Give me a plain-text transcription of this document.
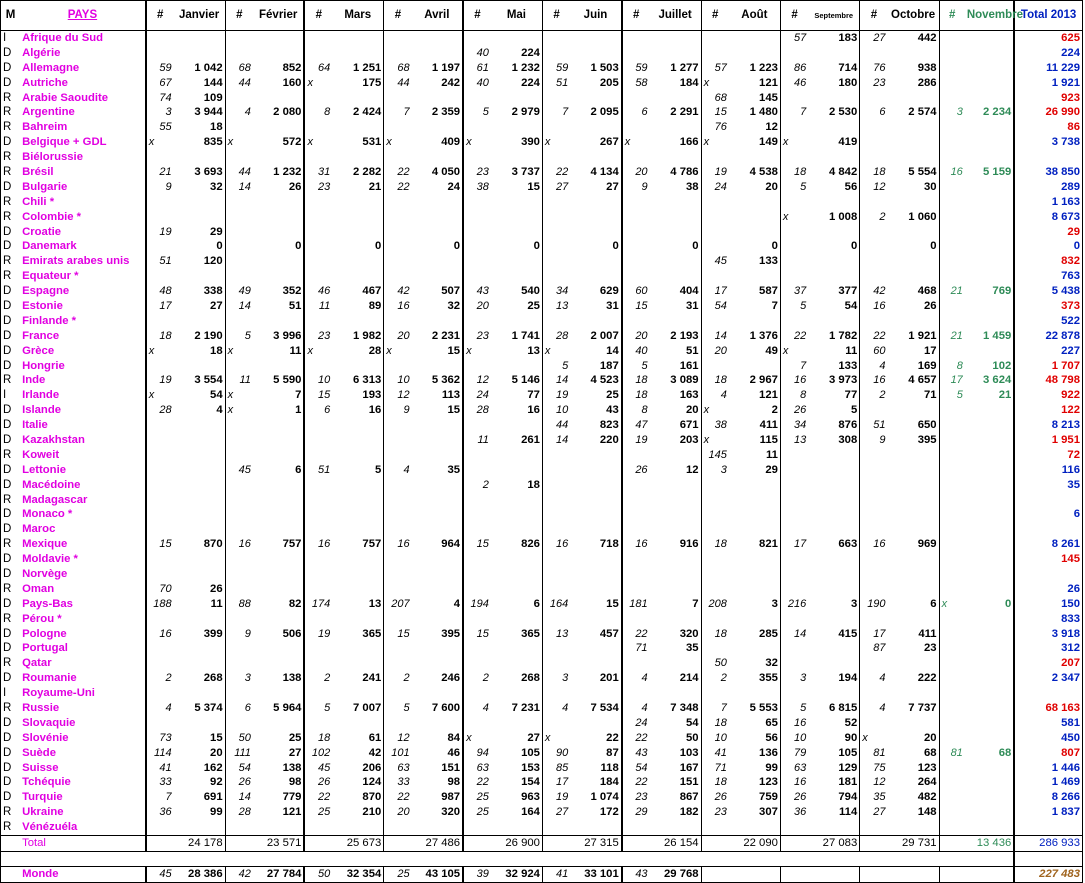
M	PAYS	#	Janvier	#	Février	#	Mars	#	Avril	#	Mai	#	Juin	#	Juillet	#	Août	#	Septembre	#	Octobre	#	Novembre	Total 2013
I	Afrique du Sud																	57	183	27	442			625
D	Algérie									40	224													224
D	Allemagne	59	1 042	68	852	64	1 251	68	1 197	61	1 232	59	1 503	59	1 277	57	1 223	86	714	76	938			11 229
D	Autriche	67	144	44	160	x	175	44	242	40	224	51	205	58	184	x	121	46	180	23	286			1 921
R	Arabie Saoudite	74	109													68	145							923
R	Argentine	3	3 944	4	2 080	8	2 424	7	2 359	5	2 979	7	2 095	6	2 291	15	1 480	7	2 530	6	2 574	3	2 234	26 990
R	Bahreim	55	18													76	12							86
D	Belgique + GDL	x	835	x	572	x	531	x	409	x	390	x	267	x	166	x	149	x	419					3 738
R	Biélorussie																							
R	Brésil	21	3 693	44	1 232	31	2 282	22	4 050	23	3 737	22	4 134	20	4 786	19	4 538	18	4 842	18	5 554	16	5 159	38 850
D	Bulgarie	9	32	14	26	23	21	22	24	38	15	27	27	9	38	24	20	5	56	12	30			289
R	Chili *																							1 163
R	Colombie *																	x	1 008	2	1 060			8 673
D	Croatie	19	29																					29
D	Danemark		0		0		0		0		0		0		0		0		0		0			0
R	Emirats arabes unis	51	120													45	133							832
R	Equateur *																							763
D	Espagne	48	338	49	352	46	467	42	507	43	540	34	629	60	404	17	587	37	377	42	468	21	769	5 438
D	Estonie	17	27	14	51	11	89	16	32	20	25	13	31	15	31	54	7	5	54	16	26			373
D	Finlande *																							522
D	France	18	2 190	5	3 996	23	1 982	20	2 231	23	1 741	28	2 007	20	2 193	14	1 376	22	1 782	22	1 921	21	1 459	22 878
D	Grèce	x	18	x	11	x	28	x	15	x	13	x	14	40	51	20	49	x	11	60	17			227
D	Hongrie											5	187	5	161			7	133	4	169	8	102	1 707
R	Inde	19	3 554	11	5 590	10	6 313	10	5 362	12	5 146	14	4 523	18	3 089	18	2 967	16	3 973	16	4 657	17	3 624	48 798
I	Irlande	x	54	x	7	15	193	12	113	24	77	19	25	18	163	4	121	8	77	2	71	5	21	922
D	Islande	28	4	x	1	6	16	9	15	28	16	10	43	8	20	x	2	26	5					122
D	Italie											44	823	47	671	38	411	34	876	51	650			8 213
D	Kazakhstan									11	261	14	220	19	203	x	115	13	308	9	395			1 951
R	Koweit															145	11							72
D	Lettonie			45	6	51	5	4	35					26	12	3	29							116
D	Macédoine									2	18													35
R	Madagascar																							
D	Monaco *																							6
D	Maroc																							
R	Mexique	15	870	16	757	16	757	16	964	15	826	16	718	16	916	18	821	17	663	16	969			8 261
D	Moldavie *																							145
D	Norvège																							
R	Oman	70	26																					26
D	Pays-Bas	188	11	88	82	174	13	207	4	194	6	164	15	181	7	208	3	216	3	190	6	x	0	150
R	Pérou *																							833
D	Pologne	16	399	9	506	19	365	15	395	15	365	13	457	22	320	18	285	14	415	17	411			3 918
D	Portugal													71	35					87	23			312
R	Qatar															50	32							207
D	Roumanie	2	268	3	138	2	241	2	246	2	268	3	201	4	214	2	355	3	194	4	222			2 347
I	Royaume-Uni																							
R	Russie	4	5 374	6	5 964	5	7 007	5	7 600	4	7 231	4	7 534	4	7 348	7	5 553	5	6 815	4	7 737			68 163
D	Slovaquie													24	54	18	65	16	52					581
D	Slovénie	73	15	50	25	18	61	12	84	x	27	x	22	22	50	10	56	10	90	x	20			450
D	Suède	114	20	111	27	102	42	101	46	94	105	90	87	43	103	41	136	79	105	81	68	81	68	807
D	Suisse	41	162	54	138	45	206	63	151	63	153	85	118	54	167	71	99	63	129	75	123			1 446
D	Tchéquie	33	92	26	98	26	124	33	98	22	154	17	184	22	151	18	123	16	181	12	264			1 469
D	Turquie	7	691	14	779	22	870	22	987	25	963	19	1 074	23	867	26	759	26	794	35	482			8 266
R	Ukraine	36	99	28	121	25	210	20	320	25	164	27	172	29	182	23	307	36	114	27	148			1 837
R	Vénézuéla																							
	Total		24 178		23 571		25 673		27 486		26 900		27 315		26 154		22 090		27 083		29 731		13 436	286 933

	Monde	45	28 386	42	27 784	50	32 354	25	43 105	39	32 924	41	33 101	43	29 768									227 483
